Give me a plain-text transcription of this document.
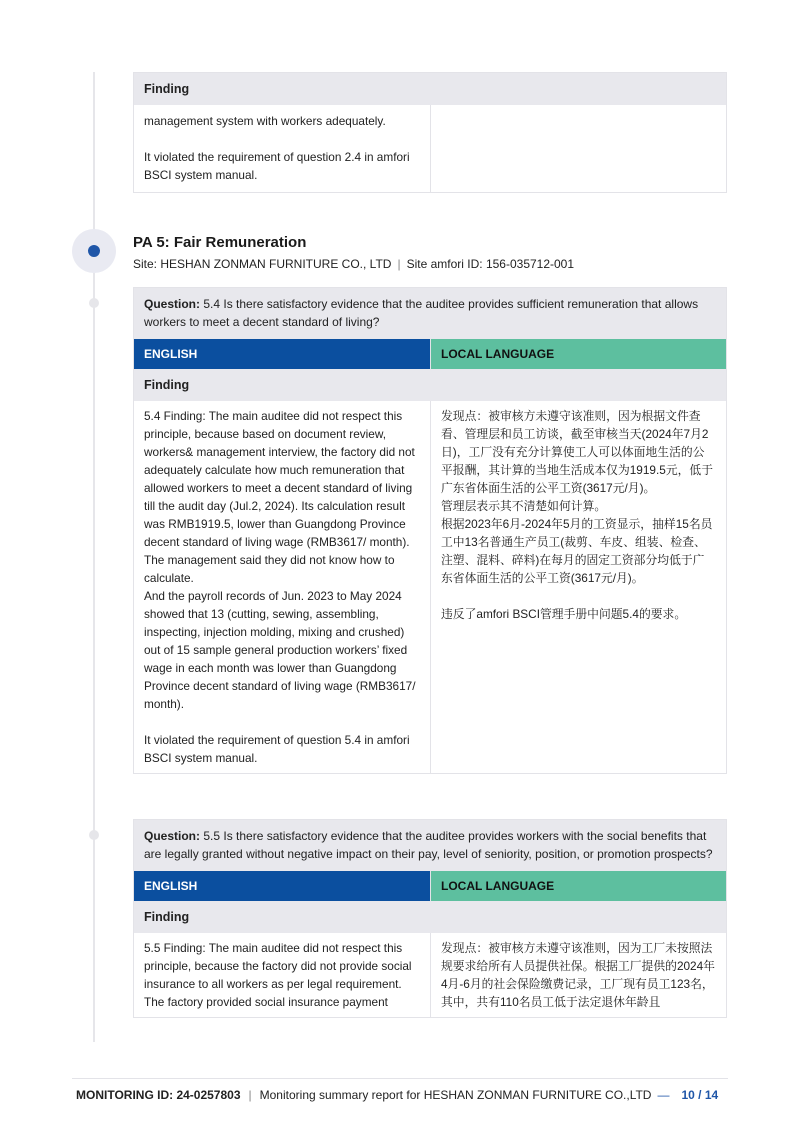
Finding
management system with workers adequately.

It violated the requirement of question 2.4 in amfori BSCI system manual.
PA 5: Fair Remuneration
Site: HESHAN ZONMAN FURNITURE CO., LTD | Site amfori ID: 156-035712-001
Question: 5.4 Is there satisfactory evidence that the auditee provides sufficient remuneration that allows workers to meet a decent standard of living?
ENGLISH	LOCAL LANGUAGE
Finding
5.4 Finding: The main auditee did not respect this principle, because based on document review, workers& management interview, the factory did not adequately calculate how much remuneration that allowed workers to meet a decent standard of living till the audit day (Jul.2, 2024). Its calculation result was RMB1919.5, lower than Guangdong Province decent standard of living wage (RMB3617/ month).
The management said they did not know how to calculate.
And the payroll records of Jun. 2023 to May 2024 showed that 13 (cutting, sewing, assembling, inspecting, injection molding, mixing and crushed) out of 15 sample general production workers’ fixed wage in each month was lower than Guangdong Province decent standard of living wage (RMB3617/ month).

It violated the requirement of question 5.4 in amfori BSCI system manual.
发现点：被审核方未遵守该准则，因为根据文件查看、管理层和员工访谈，截至审核当天(2024年7月2日)，工厂没有充分计算使工人可以体面地生活的公平报酬，其计算的当地生活成本仅为1919.5元，低于广东省体面生活的公平工资(3617元/月)。
管理层表示其不清楚如何计算。
根据2023年6月-2024年5月的工资显示，抽样15名员工中13名普通生产员工(裁剪、车皮、组装、检查、注塑、混料、碎料)在每月的固定工资部分均低于广东省体面生活的公平工资(3617元/月)。

违反了amfori BSCI管理手册中问题5.4的要求。
Question: 5.5 Is there satisfactory evidence that the auditee provides workers with the social benefits that are legally granted without negative impact on their pay, level of seniority, position, or promotion prospects?
ENGLISH	LOCAL LANGUAGE
Finding
5.5 Finding: The main auditee did not respect this principle, because the factory did not provide social insurance to all workers as per legal requirement. The factory provided social insurance payment
发现点：被审核方未遵守该准则，因为工厂未按照法规要求给所有人员提供社保。根据工厂提供的2024年4月-6月的社会保险缴费记录，工厂现有员工123名，其中，共有110名员工低于法定退休年龄且
MONITORING ID: 24-0257803 | Monitoring summary report for HESHAN ZONMAN FURNITURE CO.,LTD — 10 / 14
